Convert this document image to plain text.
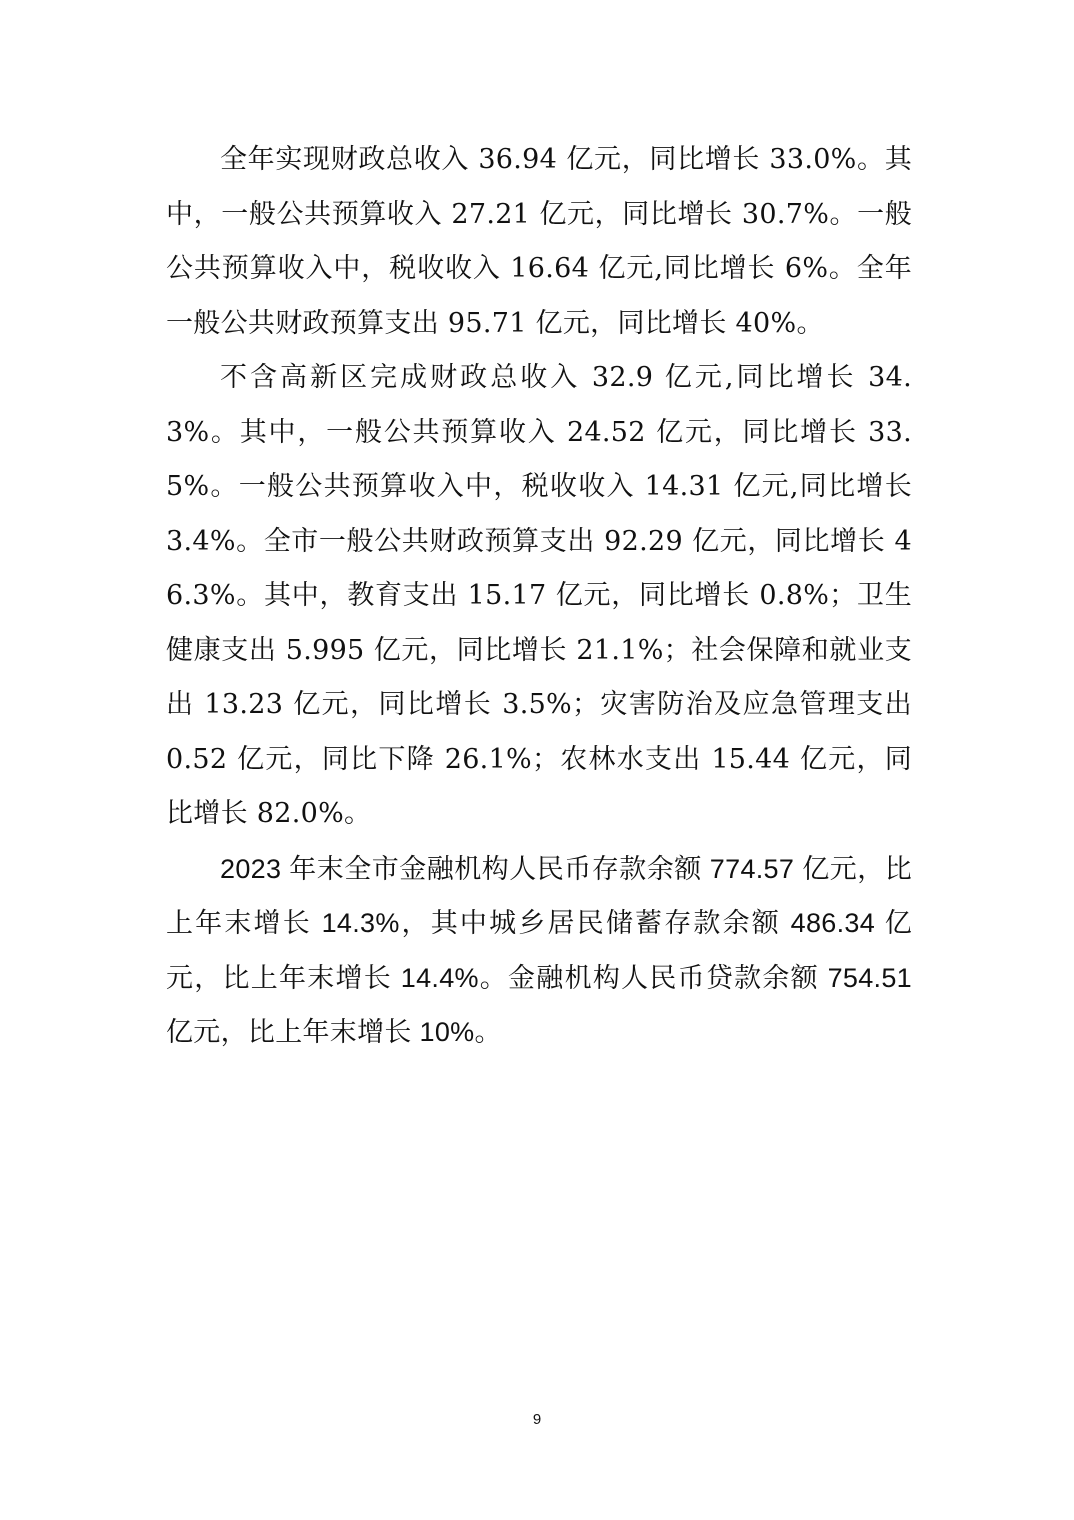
全年实现财政总收入 36.94 亿元，同比增长 33.0%。其中，一般公共预算收入 27.21 亿元，同比增长 30.7%。一般公共预算收入中，税收收入 16.64 亿元,同比增长 6%。全年一般公共财政预算支出 95.71 亿元，同比增长 40%。

不含高新区完成财政总收入 32.9 亿元,同比增长 34.3%。其中，一般公共预算收入 24.52 亿元，同比增长 33.5%。一般公共预算收入中，税收收入 14.31 亿元,同比增长 3.4%。全市一般公共财政预算支出 92.29 亿元，同比增长 46.3%。其中，教育支出 15.17 亿元，同比增长 0.8%；卫生健康支出 5.995 亿元，同比增长 21.1%；社会保障和就业支出 13.23 亿元，同比增长 3.5%；灾害防治及应急管理支出 0.52 亿元，同比下降 26.1%；农林水支出 15.44 亿元，同比增长 82.0%。

2023 年末全市金融机构人民币存款余额 774.57 亿元，比上年末增长 14.3%，其中城乡居民储蓄存款余额 486.34 亿元，比上年末增长 14.4%。金融机构人民币贷款余额 754.51 亿元，比上年末增长 10%。

9
